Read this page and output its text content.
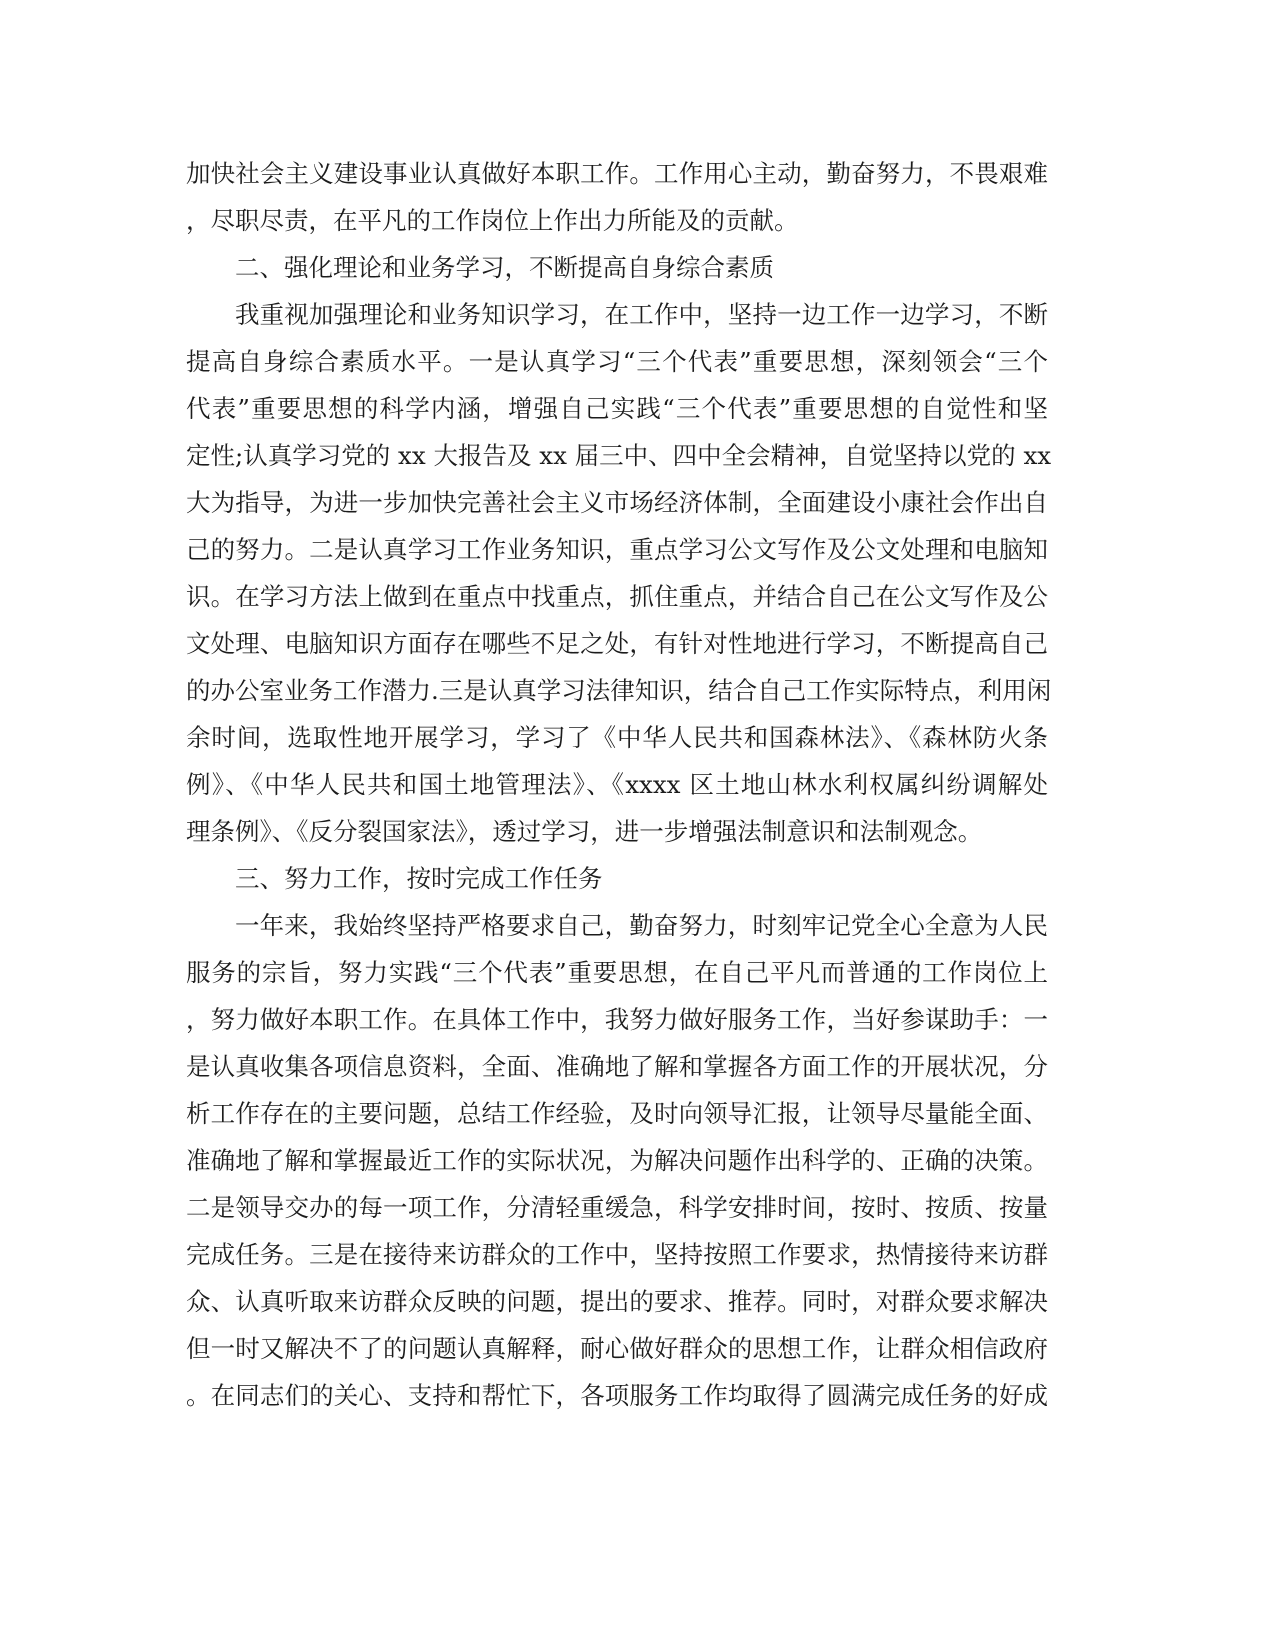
加快社会主义建设事业认真做好本职工作。工作用心主动，勤奋努力，不畏艰难
，尽职尽责，在平凡的工作岗位上作出力所能及的贡献。
二、强化理论和业务学习，不断提高自身综合素质
我重视加强理论和业务知识学习，在工作中，坚持一边工作一边学习，不断
提高自身综合素质水平。一是认真学习“三个代表”重要思想，深刻领会“三个
代表”重要思想的科学内涵，增强自己实践“三个代表”重要思想的自觉性和坚
定性;认真学习党的 xx 大报告及 xx 届三中、四中全会精神，自觉坚持以党的 xx
大为指导，为进一步加快完善社会主义市场经济体制，全面建设小康社会作出自
己的努力。二是认真学习工作业务知识，重点学习公文写作及公文处理和电脑知
识。在学习方法上做到在重点中找重点，抓住重点，并结合自己在公文写作及公
文处理、电脑知识方面存在哪些不足之处，有针对性地进行学习，不断提高自己
的办公室业务工作潜力.三是认真学习法律知识，结合自己工作实际特点，利用闲
余时间，选取性地开展学习，学习了《中华人民共和国森林法》、《森林防火条
例》、《中华人民共和国土地管理法》、《xxxx 区土地山林水利权属纠纷调解处
理条例》、《反分裂国家法》，透过学习，进一步增强法制意识和法制观念。
三、努力工作，按时完成工作任务
一年来，我始终坚持严格要求自己，勤奋努力，时刻牢记党全心全意为人民
服务的宗旨，努力实践“三个代表”重要思想，在自己平凡而普通的工作岗位上
，努力做好本职工作。在具体工作中，我努力做好服务工作，当好参谋助手：一
是认真收集各项信息资料，全面、准确地了解和掌握各方面工作的开展状况，分
析工作存在的主要问题，总结工作经验，及时向领导汇报，让领导尽量能全面、
准确地了解和掌握最近工作的实际状况，为解决问题作出科学的、正确的决策。
二是领导交办的每一项工作，分清轻重缓急，科学安排时间，按时、按质、按量
完成任务。三是在接待来访群众的工作中，坚持按照工作要求，热情接待来访群
众、认真听取来访群众反映的问题，提出的要求、推荐。同时，对群众要求解决
但一时又解决不了的问题认真解释，耐心做好群众的思想工作，让群众相信政府
。在同志们的关心、支持和帮忙下，各项服务工作均取得了圆满完成任务的好成
